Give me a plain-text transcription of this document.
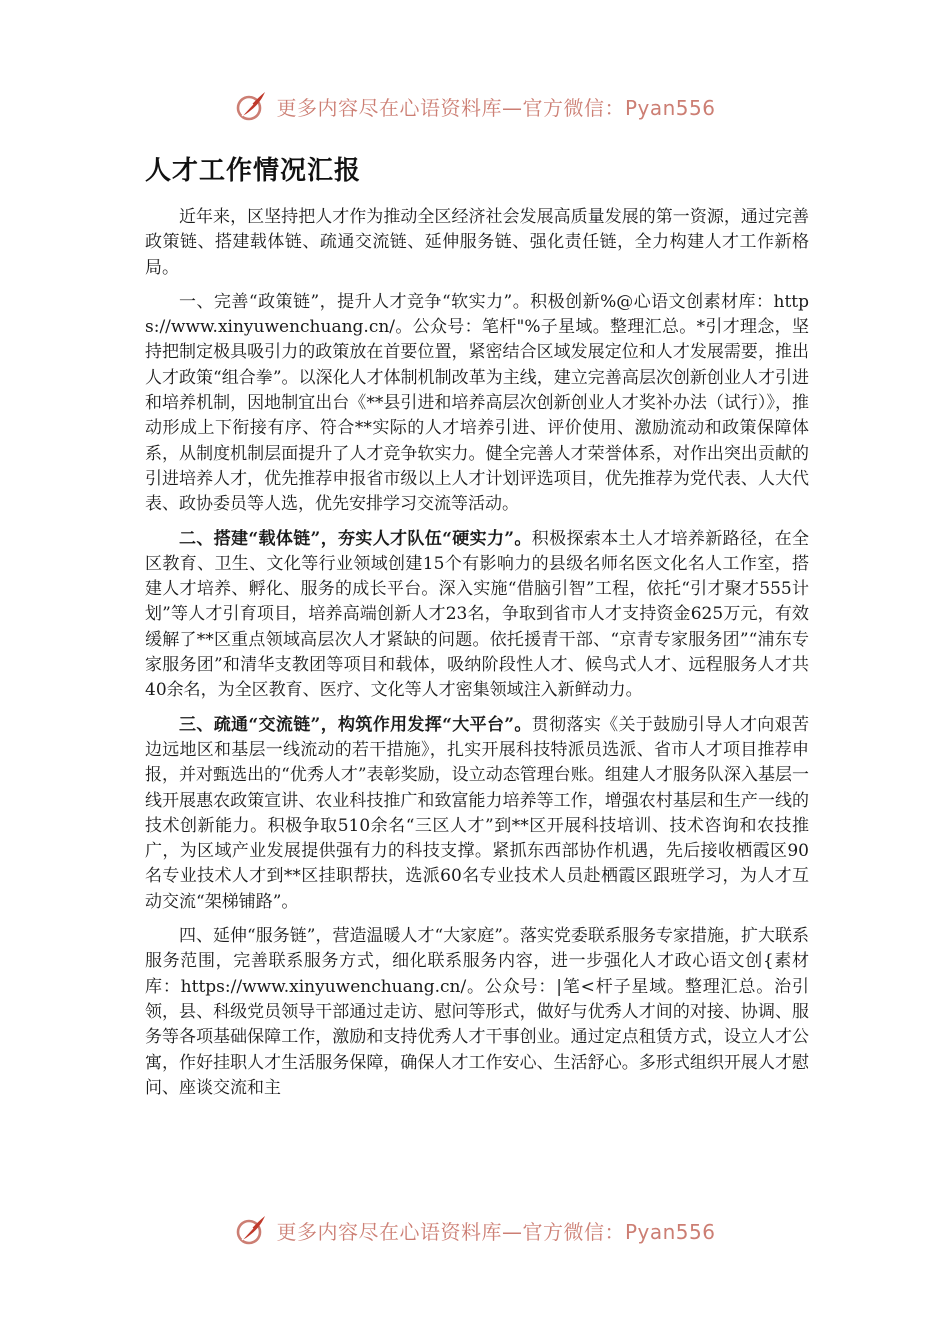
更多内容尽在心语资料库—官方微信：Pyan556
人才工作情况汇报

近年来，区坚持把人才作为推动全区经济社会发展高质量发展的第一资源，通过完善政策链、搭建载体链、疏通交流链、延伸服务链、强化责任链，全力构建人才工作新格局。

一、完善“政策链”，提升人才竞争“软实力”。积极创新%@心语文创素材库：https://www.xinyuwenchuang.cn/。公众号：笔杆"%子星域。整理汇总。*引才理念，坚持把制定极具吸引力的政策放在首要位置，紧密结合区域发展定位和人才发展需要，推出人才政策“组合拳”。以深化人才体制机制改革为主线，建立完善高层次创新创业人才引进和培养机制，因地制宜出台《**县引进和培养高层次创新创业人才奖补办法（试行）》，推动形成上下衔接有序、符合**实际的人才培养引进、评价使用、激励流动和政策保障体系，从制度机制层面提升了人才竞争软实力。健全完善人才荣誉体系，对作出突出贡献的引进培养人才，优先推荐申报省市级以上人才计划评选项目，优先推荐为党代表、人大代表、政协委员等人选，优先安排学习交流等活动。

二、搭建“载体链”，夯实人才队伍“硬实力”。积极探索本土人才培养新路径，在全区教育、卫生、文化等行业领域创建15个有影响力的县级名师名医文化名人工作室，搭建人才培养、孵化、服务的成长平台。深入实施“借脑引智”工程，依托“引才聚才555计划”等人才引育项目，培养高端创新人才23名，争取到省市人才支持资金625万元，有效缓解了**区重点领域高层次人才紧缺的问题。依托援青干部、“京青专家服务团”“浦东专家服务团”和清华支教团等项目和载体，吸纳阶段性人才、候鸟式人才、远程服务人才共40余名，为全区教育、医疗、文化等人才密集领域注入新鲜动力。

三、疏通“交流链”，构筑作用发挥“大平台”。贯彻落实《关于鼓励引导人才向艰苦边远地区和基层一线流动的若干措施》，扎实开展科技特派员选派、省市人才项目推荐申报，并对甄选出的“优秀人才”表彰奖励，设立动态管理台账。组建人才服务队深入基层一线开展惠农政策宣讲、农业科技推广和致富能力培养等工作，增强农村基层和生产一线的技术创新能力。积极争取510余名“三区人才”到**区开展科技培训、技术咨询和农技推广，为区域产业发展提供强有力的科技支撑。紧抓东西部协作机遇，先后接收栖霞区90名专业技术人才到**区挂职帮扶，选派60名专业技术人员赴栖霞区跟班学习，为人才互动交流“架梯铺路”。

四、延伸“服务链”，营造温暖人才“大家庭”。落实党委联系服务专家措施，扩大联系服务范围，完善联系服务方式，细化联系服务内容，进一步强化人才政心语文创{素材库：https://www.xinyuwenchuang.cn/。公众号：|笔<杆子星域。整理汇总。治引领，县、科级党员领导干部通过走访、慰问等形式，做好与优秀人才间的对接、协调、服务等各项基础保障工作，激励和支持优秀人才干事创业。通过定点租赁方式，设立人才公寓，作好挂职人才生活服务保障，确保人才工作安心、生活舒心。多形式组织开展人才慰问、座谈交流和主

更多内容尽在心语资料库—官方微信：Pyan556
